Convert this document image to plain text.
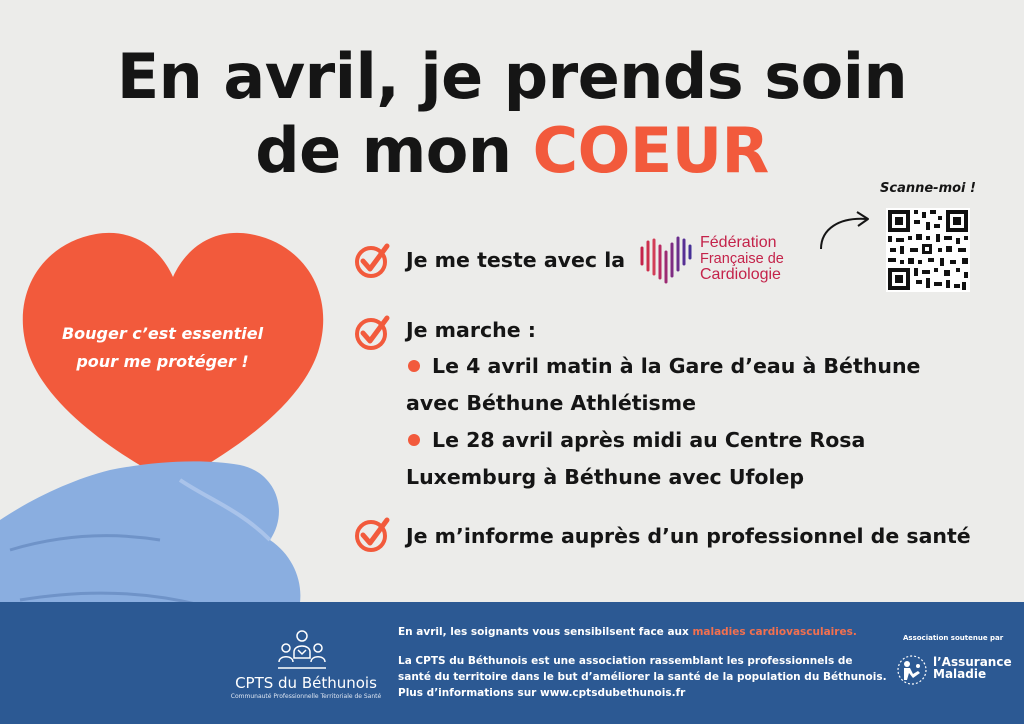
En avril, je prends soin
de mon COEUR
Bouger c’est essentiel
pour me protéger !
Je me teste avec la
Fédération
Française de
Cardiologie
Scanne-moi !
Je marche :
Le 4 avril matin à la Gare d’eau à Béthune
avec Béthune Athlétisme
Le 28 avril après midi au Centre Rosa
Luxemburg à Béthune avec Ufolep
Je m’informe auprès d’un professionnel de santé
CPTS du Béthunois
Communauté Professionnelle Territoriale de Santé
En avril, les soignants vous sensibilsent face aux maladies cardiovasculaires.
La CPTS du Béthunois est une association rassemblant les professionnels de santé du territoire dans le but d’améliorer la santé de la population du Béthunois. Plus d’informations sur www.cptsdubethunois.fr
Association soutenue par
l’Assurance
Maladie
